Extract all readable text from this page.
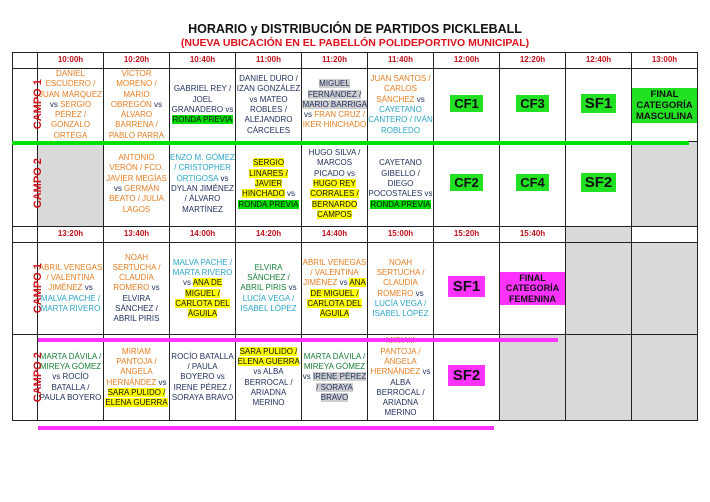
HORARIO y DISTRIBUCIÓN DE PARTIDOS PICKLEBALL
(NUEVA UBICACIÓN EN EL PABELLÓN POLIDEPORTIVO MUNICIPAL)
	10:00h	10:20h	10:40h	11:00h	11:20h	11:40h	12:00h	12:20h	12:40h	13:00h
CAMPO 1	DANIEL ESCUDERO / JUAN MÁRQUEZ vs SERGIO PÉREZ / GONZALO ORTEGA	VÍCTOR MORENO / MARIO OBREGÓN vs ÁLVARO BARRENA / PABLO PARRA	GABRIEL REY / JOEL GRANADERO vs RONDA PREVIA	DANIEL DURO / IZAN GONZÁLEZ vs MATEO ROBLES / ALEJANDRO CÁRCELES	MIGUEL FERNÁNDEZ / MARIO BARRIGA vs FRAN CRUZ / IKER HINCHADO	JUAN SANTOS / CARLOS SÁNCHEZ vs CAYETANO CANTERO / IVÁN ROBLEDO	CF1	CF3	SF1	FINAL CATEGORÍA MASCULINA
CAMPO 2		ANTONIO VERÓN / FCO. JAVIER MEGÍAS vs GERMÁN BEATO / JULIA LAGOS	ENZO M. GÓMEZ / CRISTOPHER ORTIGOSA vs DYLAN JIMÉNEZ / ÁLVARO MARTÍNEZ	SERGIO LINARES / JAVIER HINCHADO vs RONDA PREVIA	HUGO SILVA / MARCOS PICADO vs HUGO REY CORRALES / BERNARDO CAMPOS	CAYETANO GIBELLO / DIEGO POCOSTALES vs RONDA PREVIA	CF2	CF4	SF2	
	13:20h	13:40h	14:00h	14:20h	14:40h	15:00h	15:20h	15:40h		
CAMPO 1	ABRIL VENEGAS / VALENTINA JIMÉNEZ vs MALVA PACHE / MARTA RIVERO	NOAH SERTUCHA / CLAUDIA ROMERO vs ELVIRA SÁNCHEZ / ABRIL PIRIS	MALVA PACHE / MARTA RIVERO vs ANA DE MIGUEL / CARLOTA DEL ÁGUILA	ELVIRA SÁNCHEZ / ABRIL PIRIS vs LUCÍA VEGA / ISABEL LÓPEZ	ABRIL VENEGAS / VALENTINA JIMÉNEZ vs ANA DE MIGUEL / CARLOTA DEL ÁGUILA	NOAH SERTUCHA / CLAUDIA ROMERO vs LUCÍA VEGA / ISABEL LÓPEZ	SF1	FINAL CATEGORÍA FEMENINA		
CAMPO 2	MARTA DÁVILA / MIREYA GÓMEZ vs ROCÍO BATALLA / PAULA BOYERO	MIRIAM PANTOJA / ÁNGELA HERNÁNDEZ vs SARA PULIDO / ELENA GUERRA	ROCÍO BATALLA / PAULA BOYERO vs IRENE PÉREZ / SORAYA BRAVO	SARA PULIDO / ELENA GUERRA vs ALBA BERROCAL / ARIADNA MERINO	MARTA DÁVILA / MIREYA GÓMEZ vs IRENE PÉREZ / SORAYA BRAVO	PANTOJA / ÁNGELA HERNÁNDEZ vs ALBA BERROCAL / ARIADNA MERINO	SF2			
